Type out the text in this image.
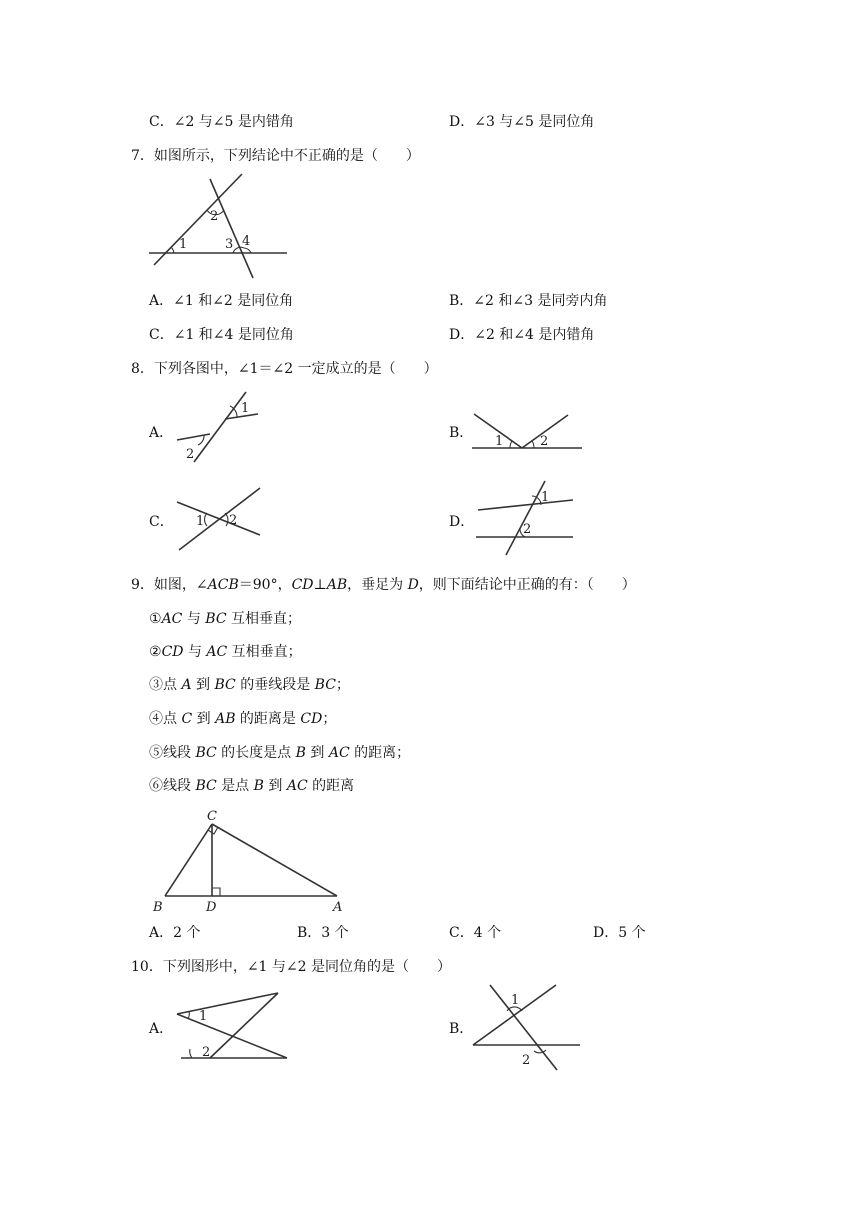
C．∠2 与∠5 是内错角	D．∠3 与∠5 是同位角
7．如图所示，下列结论中不正确的是（　　）
1
2
3 4
A．∠1 和∠2 是同位角	B．∠2 和∠3 是同旁内角
C．∠1 和∠4 是同位角	D．∠2 和∠4 是内错角
8．下列各图中，∠1＝∠2 一定成立的是（　　）
A．
1
2
B．
1	2
C． 1 2	D．
1
2
9．如图，∠ACB＝90°，CD⊥AB，垂足为 D，则下面结论中正确的有：（　　）
①AC 与 BC 互相垂直；
②CD 与 AC 互相垂直；
③点 A 到 BC 的垂线段是 BC；
④点 C 到 AB 的距离是 CD；
⑤线段 BC 的长度是点 B 到 AC 的距离；
⑥线段 BC 是点 B 到 AC 的距离
C
B	D	A
A．2 个	B．3 个	C．4 个	D．5 个
10．下列图形中，∠1 与∠2 是同位角的是（　　）
A．
1
2
B．
1
2
